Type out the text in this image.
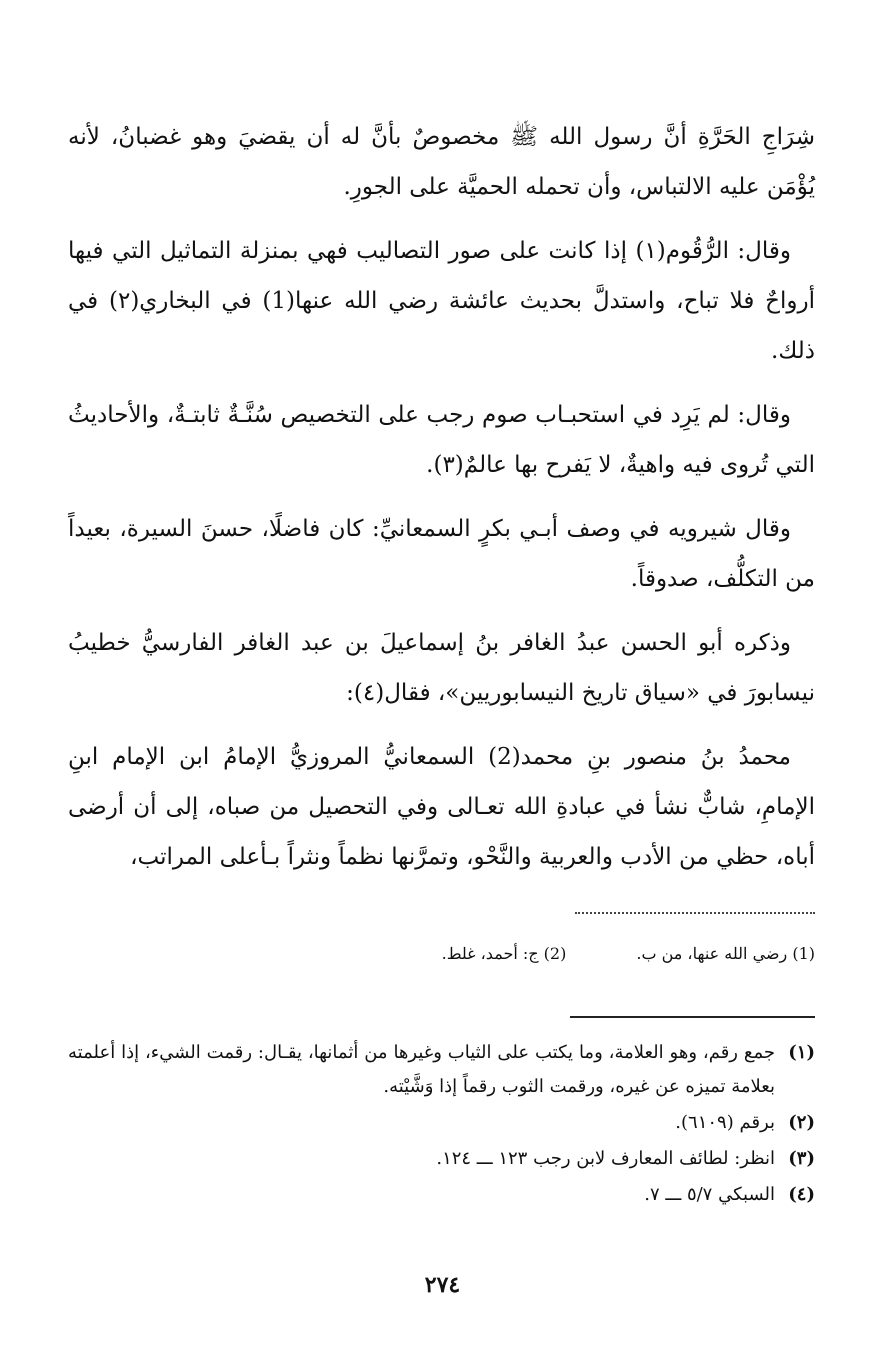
شِرَاجِ الحَرَّةِ أنَّ رسول الله ﷺ مخصوصٌ بأنَّ له أن يقضيَ وهو غضبانُ، لأنه يُؤْمَن عليه الالتباس، وأن تحمله الحميَّة على الجورِ.

وقال: الرُّقُوم(١) إذا كانت على صور التصاليب فهي بمنزلة التماثيل التي فيها أرواحٌ فلا تباح، واستدلَّ بحديث عائشة رضي الله عنها(1) في البخاري(٢) في ذلك.

وقال: لم يَرِد في استحبـاب صوم رجب على التخصيص سُنَّـةٌ ثابتـةٌ، والأحاديثُ التي تُروى فيه واهيةٌ، لا يَفرح بها عالمٌ(٣).

وقال شيرويه في وصف أبـي بكرٍ السمعانيِّ: كان فاضلًا، حسنَ السيرة، بعيداً من التكلُّف، صدوقاً.

وذكره أبو الحسن عبدُ الغافر بنُ إسماعيلَ بن عبد الغافر الفارسيُّ خطيبُ نيسابورَ في «سياق تاريخ النيسابوريين»، فقال(٤):

محمدُ بنُ منصور بنِ محمد(2) السمعانيُّ المروزيُّ الإمامُ ابن الإمام ابنِ الإمامِ، شابٌّ نشأ في عبادةِ الله تعـالى وفي التحصيل من صباه، إلى أن أرضى أباه، حظي من الأدب والعربية والنَّحْو، وتمرَّنها نظماً ونثراً بـأعلى المراتب،

(1) رضي الله عنها، من ب.
(2) ج: أحمد، غلط.
(١)
جمع رقم، وهو العلامة، وما يكتب على الثياب وغيرها من أثمانها، يقـال: رقمت الشيء، إذا أعلمته بعلامة تميزه عن غيره، ورقمت الثوب رقماً إذا وَشَّيْته.
(٢)
برقم (٦١٠٩).
(٣)
انظر: لطائف المعارف لابن رجب ١٢٣ ـــ ١٢٤.
(٤)
السبكي ٥/٧ ـــ ٧.
٢٧٤
